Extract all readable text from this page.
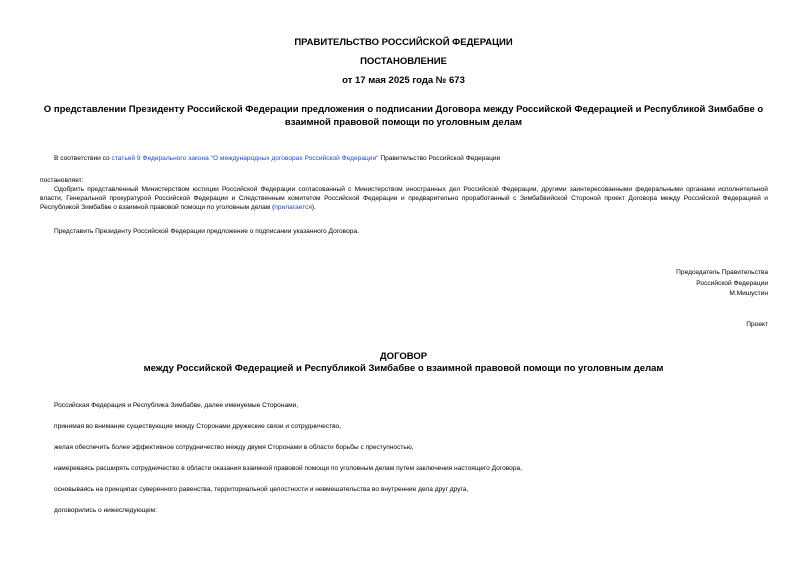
ПРАВИТЕЛЬСТВО РОССИЙСКОЙ ФЕДЕРАЦИИ
ПОСТАНОВЛЕНИЕ
от 17 мая 2025 года № 673
О представлении Президенту Российской Федерации предложения о подписании Договора между Российской Федерацией и Республикой Зимбабве о взаимной правовой помощи по уголовным делам
В соответствии со статьей 9 Федерального закона "О международных договорах Российской Федерации" Правительство Российской Федерации
постановляет:
Одобрить представленный Министерством юстиции Российской Федерации согласованный с Министерством иностранных дел Российской Федерации, другими заинтересованными федеральными органами исполнительной власти, Генеральной прокуратурой Российской Федерации и Следственным комитетом Российской Федерации и предварительно проработанный с Зимбабвийской Стороной проект Договора между Российской Федерацией и Республикой Зимбабве о взаимной правовой помощи по уголовным делам (прилагается).
Представить Президенту Российской Федерации предложение о подписании указанного Договора.
Председатель Правительства
Российской Федерации
М.Мишустин
Проект
ДОГОВОР
между Российской Федерацией и Республикой Зимбабве о взаимной правовой помощи по уголовным делам
Российская Федерация и Республика Зимбабве, далее именуемые Сторонами,
принимая во внимание существующие между Сторонами дружеские связи и сотрудничество,
желая обеспечить более эффективное сотрудничество между двумя Сторонами в области борьбы с преступностью,
намереваясь расширять сотрудничество в области оказания взаимной правовой помощи по уголовным делам путем заключения настоящего Договора,
основываясь на принципах суверенного равенства, территориальной целостности и невмешательства во внутренние дела друг друга,
договорились о нижеследующем:
